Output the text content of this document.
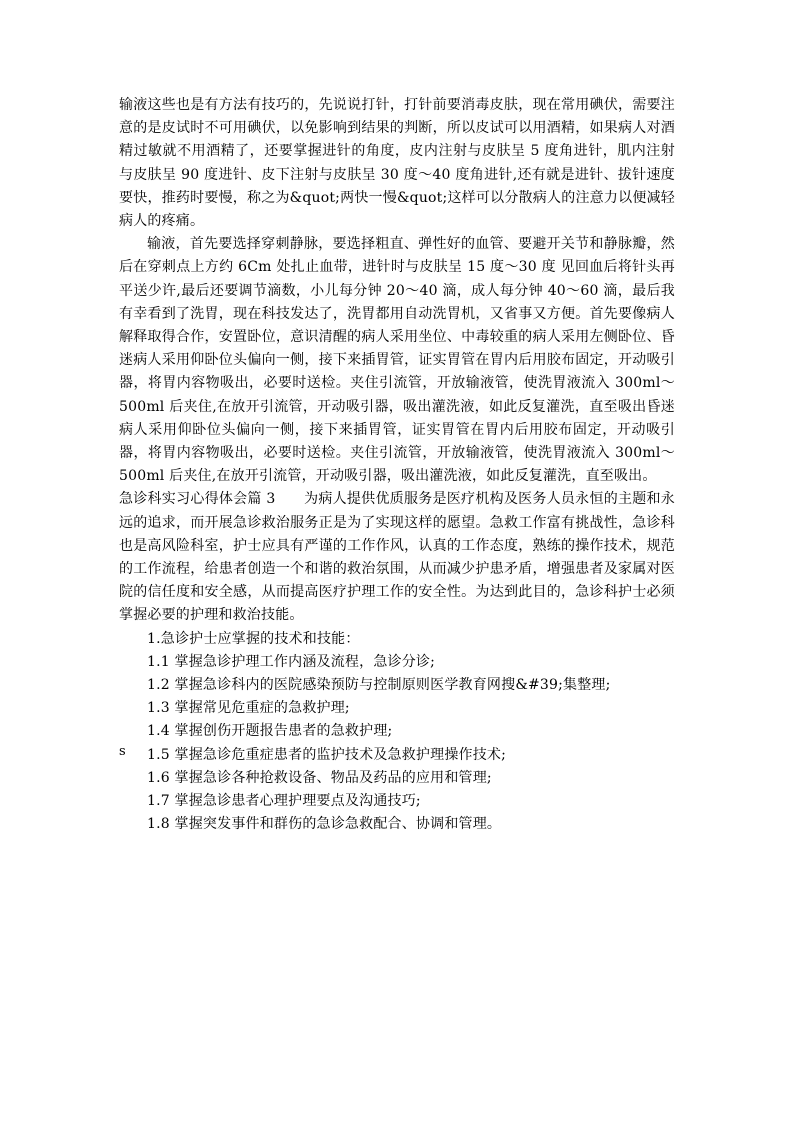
输液这些也是有方法有技巧的，先说说打针，打针前要消毒皮肤，现在常用碘伏，需要注意的是皮试时不可用碘伏，以免影响到结果的判断，所以皮试可以用酒精，如果病人对酒精过敏就不用酒精了，还要掌握进针的角度，皮内注射与皮肤呈 5 度角进针，肌内注射与皮肤呈 90 度进针、皮下注射与皮肤呈 30 度～40 度角进针,还有就是进针、拔针速度要快，推药时要慢，称之为&quot;两快一慢&quot;这样可以分散病人的注意力以便减轻病人的疼痛。

输液，首先要选择穿刺静脉，要选择粗直、弹性好的血管、要避开关节和静脉瓣，然后在穿刺点上方约 6Cm 处扎止血带，进针时与皮肤呈 15 度～30 度 见回血后将针头再平送少许,最后还要调节滴数，小儿每分钟 20～40 滴，成人每分钟 40～60 滴，最后我有幸看到了洗胃，现在科技发达了，洗胃都用自动洗胃机，又省事又方便。首先要像病人解释取得合作，安置卧位，意识清醒的病人采用坐位、中毒较重的病人采用左侧卧位、昏迷病人采用仰卧位头偏向一侧，接下来插胃管，证实胃管在胃内后用胶布固定，开动吸引器，将胃内容物吸出，必要时送检。夹住引流管，开放输液管，使洗胃液流入 300ml～500ml 后夹住,在放开引流管，开动吸引器，吸出灌洗液，如此反复灌洗，直至吸出昏迷病人采用仰卧位头偏向一侧，接下来插胃管，证实胃管在胃内后用胶布固定，开动吸引器，将胃内容物吸出，必要时送检。夹住引流管，开放输液管，使洗胃液流入 300ml～500ml 后夹住,在放开引流管，开动吸引器，吸出灌洗液，如此反复灌洗，直至吸出。

急诊科实习心得体会篇 3　　 为病人提供优质服务是医疗机构及医务人员永恒的主题和永远的追求，而开展急诊救治服务正是为了实现这样的愿望。急救工作富有挑战性，急诊科也是高风险科室，护士应具有严谨的工作作风，认真的工作态度，熟练的操作技术，规范的工作流程，给患者创造一个和谐的救治氛围，从而减少护患矛盾，增强患者及家属对医院的信任度和安全感，从而提高医疗护理工作的安全性。为达到此目的，急诊科护士必须掌握必要的护理和救治技能。

1.急诊护士应掌握的技术和技能：
1.1 掌握急诊护理工作内涵及流程，急诊分诊;
1.2 掌握急诊科内的医院感染预防与控制原则医学教育网搜&#39;集整理;
1.3 掌握常见危重症的急救护理;
1.4 掌握创伤开题报告患者的急救护理;
1.5 掌握急诊危重症患者的监护技术及急救护理操作技术;
1.6 掌握急诊各种抢救设备、物品及药品的应用和管理;
1.7 掌握急诊患者心理护理要点及沟通技巧;
1.8 掌握突发事件和群伤的急诊急救配合、协调和管理。
s
